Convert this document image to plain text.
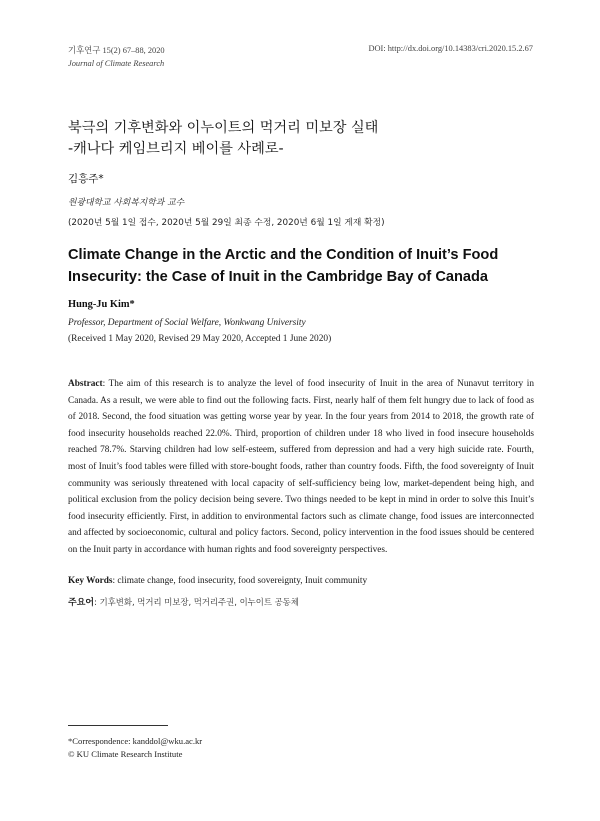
기후연구 15(2) 67–88, 2020
Journal of Climate Research
DOI: http://dx.doi.org/10.14383/cri.2020.15.2.67
북극의 기후변화와 이누이트의 먹거리 미보장 실태
-캐나다 케임브리지 베이를 사례로-
김흥주*
원광대학교 사회복지학과 교수
(2020년 5월 1일 접수, 2020년 5월 29일 최종 수정, 2020년 6월 1일 게재 확정)
Climate Change in the Arctic and the Condition of Inuit’s Food
Insecurity: the Case of Inuit in the Cambridge Bay of Canada
Hung-Ju Kim*
Professor, Department of Social Welfare, Wonkwang University
(Received 1 May 2020, Revised 29 May 2020, Accepted 1 June 2020)
Abstract: The aim of this research is to analyze the level of food insecurity of Inuit in the area of Nunavut territory in Canada. As a result, we were able to find out the following facts. First, nearly half of them felt hungry due to lack of food as of 2018. Second, the food situation was getting worse year by year. In the four years from 2014 to 2018, the growth rate of food insecurity households reached 22.0%. Third, proportion of children under 18 who lived in food insecure households reached 78.7%. Starving children had low self-esteem, suffered from depression and had a very high suicide rate. Fourth, most of Inuit’s food tables were filled with store-bought foods, rather than country foods. Fifth, the food sovereignty of Inuit community was seriously threatened with local capacity of self-sufficiency being low, market-dependent being high, and political exclusion from the policy decision being severe. Two things needed to be kept in mind in order to solve this Inuit’s food insecurity efficiently. First, in addition to environmental factors such as climate change, food issues are interconnected and affected by socioeconomic, cultural and policy factors. Second, policy intervention in the food issues should be centered on the Inuit party in accordance with human rights and food sovereignty perspectives.
Key Words: climate change, food insecurity, food sovereignty, Inuit community
주요어: 기후변화, 먹거리 미보장, 먹거리주권, 이누이트 공동체
*Correspondence: kanddol@wku.ac.kr
© KU Climate Research Institute
